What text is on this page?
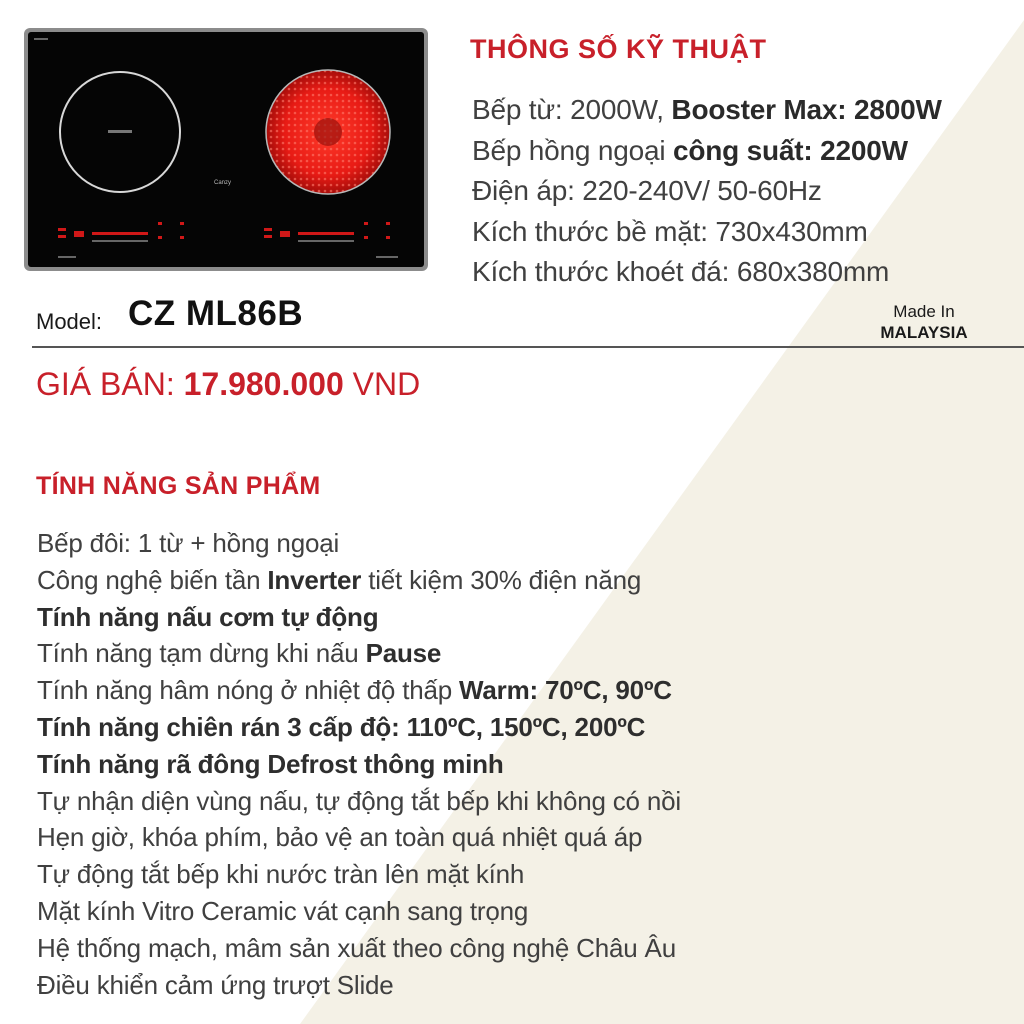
Canzy
THÔNG SỐ KỸ THUẬT
Bếp từ: 2000W, Booster Max: 2800W
Bếp hồng ngoại công suất: 2200W
Điện áp: 220-240V/ 50-60Hz
Kích thước bề mặt: 730x430mm
Kích thước khoét đá: 680x380mm
Model: CZ ML86B	Made In
MALAYSIA
GIÁ BÁN: 17.980.000 VND
TÍNH NĂNG SẢN PHẨM
Bếp đôi: 1 từ + hồng ngoại
Công nghệ biến tần Inverter tiết kiệm 30% điện năng
Tính năng nấu cơm tự động
Tính năng tạm dừng khi nấu Pause
Tính năng hâm nóng ở nhiệt độ thấp Warm: 70ºC, 90ºC
Tính năng chiên rán 3 cấp độ: 110ºC, 150ºC, 200ºC
Tính năng rã đông Defrost thông minh
Tự nhận diện vùng nấu, tự động tắt bếp khi không có nồi
Hẹn giờ, khóa phím, bảo vệ an toàn quá nhiệt quá áp
Tự động tắt bếp khi nước tràn lên mặt kính
Mặt kính Vitro Ceramic vát cạnh sang trọng
Hệ thống mạch, mâm sản xuất theo công nghệ Châu Âu
Điều khiển cảm ứng trượt Slide
